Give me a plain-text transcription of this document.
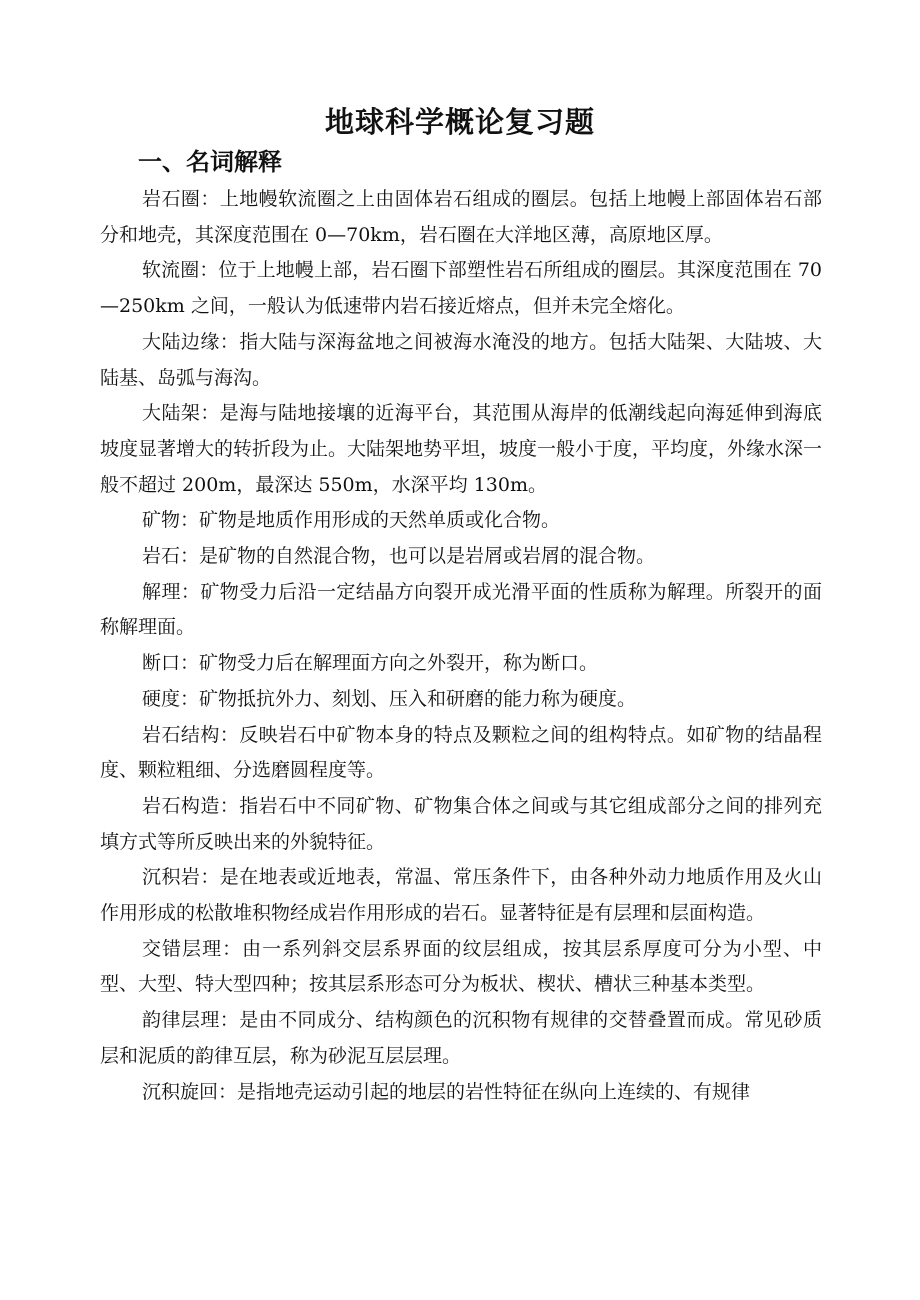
地球科学概论复习题
一、名词解释

岩石圈：上地幔软流圈之上由固体岩石组成的圈层。包括上地幔上部固体岩石部分和地壳，其深度范围在 0—70km，岩石圈在大洋地区薄，高原地区厚。

软流圈：位于上地幔上部，岩石圈下部塑性岩石所组成的圈层。其深度范围在 70—250km 之间，一般认为低速带内岩石接近熔点，但并未完全熔化。

大陆边缘：指大陆与深海盆地之间被海水淹没的地方。包括大陆架、大陆坡、大陆基、岛弧与海沟。

大陆架：是海与陆地接壤的近海平台，其范围从海岸的低潮线起向海延伸到海底坡度显著增大的转折段为止。大陆架地势平坦，坡度一般小于度，平均度，外缘水深一般不超过 200m，最深达 550m，水深平均 130m。

矿物：矿物是地质作用形成的天然单质或化合物。

岩石：是矿物的自然混合物，也可以是岩屑或岩屑的混合物。

解理：矿物受力后沿一定结晶方向裂开成光滑平面的性质称为解理。所裂开的面称解理面。

断口：矿物受力后在解理面方向之外裂开，称为断口。

硬度：矿物抵抗外力、刻划、压入和研磨的能力称为硬度。

岩石结构：反映岩石中矿物本身的特点及颗粒之间的组构特点。如矿物的结晶程度、颗粒粗细、分选磨圆程度等。

岩石构造：指岩石中不同矿物、矿物集合体之间或与其它组成部分之间的排列充填方式等所反映出来的外貌特征。

沉积岩：是在地表或近地表，常温、常压条件下，由各种外动力地质作用及火山作用形成的松散堆积物经成岩作用形成的岩石。显著特征是有层理和层面构造。

交错层理：由一系列斜交层系界面的纹层组成，按其层系厚度可分为小型、中型、大型、特大型四种；按其层系形态可分为板状、楔状、槽状三种基本类型。

韵律层理：是由不同成分、结构颜色的沉积物有规律的交替叠置而成。常见砂质层和泥质的韵律互层，称为砂泥互层层理。

沉积旋回：是指地壳运动引起的地层的岩性特征在纵向上连续的、有规律
